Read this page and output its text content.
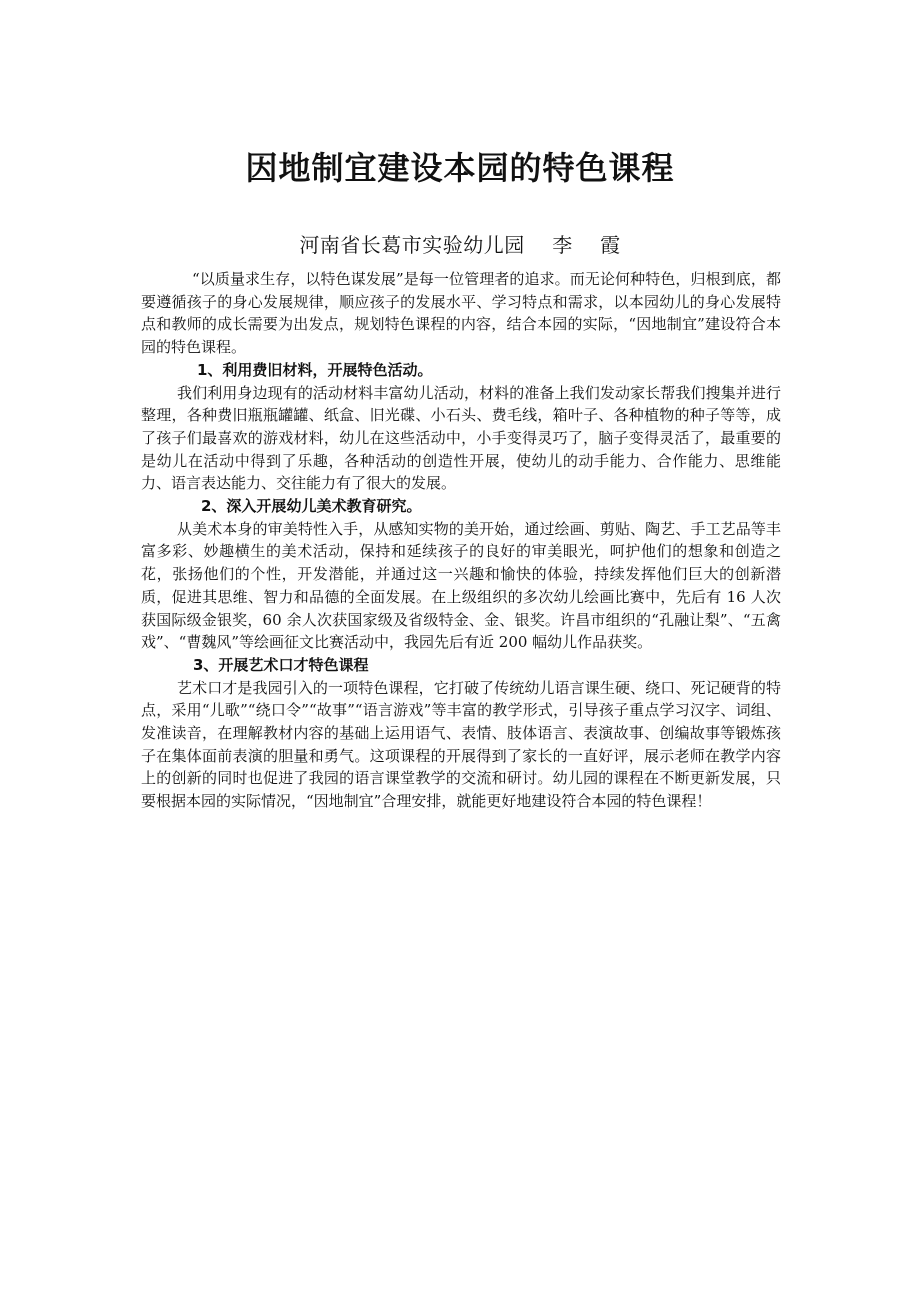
因地制宜建设本园的特色课程

河南省长葛市实验幼儿园    李    霞

“以质量求生存，以特色谋发展”是每一位管理者的追求。而无论何种特色，归根到底，都要遵循孩子的身心发展规律，顺应孩子的发展水平、学习特点和需求，以本园幼儿的身心发展特点和教师的成长需要为出发点，规划特色课程的内容，结合本园的实际，“因地制宜”建设符合本园的特色课程。

1、利用费旧材料，开展特色活动。

我们利用身边现有的活动材料丰富幼儿活动，材料的准备上我们发动家长帮我们搜集并进行整理，各种费旧瓶瓶罐罐、纸盒、旧光碟、小石头、费毛线，箱叶子、各种植物的种子等等，成了孩子们最喜欢的游戏材料，幼儿在这些活动中，小手变得灵巧了，脑子变得灵活了，最重要的是幼儿在活动中得到了乐趣，各种活动的创造性开展，使幼儿的动手能力、合作能力、思维能力、语言表达能力、交往能力有了很大的发展。

2、深入开展幼儿美术教育研究。

从美术本身的审美特性入手，从感知实物的美开始，通过绘画、剪贴、陶艺、手工艺品等丰富多彩、妙趣横生的美术活动，保持和延续孩子的良好的审美眼光，呵护他们的想象和创造之花，张扬他们的个性，开发潜能，并通过这一兴趣和愉快的体验，持续发挥他们巨大的创新潜质，促进其思维、智力和品德的全面发展。在上级组织的多次幼儿绘画比赛中，先后有 16 人次获国际级金银奖，60 余人次获国家级及省级特金、金、银奖。许昌市组织的“孔融让梨”、“五禽戏”、“曹魏风”等绘画征文比赛活动中，我园先后有近 200 幅幼儿作品获奖。

3、开展艺术口才特色课程

艺术口才是我园引入的一项特色课程，它打破了传统幼儿语言课生硬、绕口、死记硬背的特点，采用“儿歌”“绕口令”“故事”“语言游戏”等丰富的教学形式，引导孩子重点学习汉字、词组、发准读音，在理解教材内容的基础上运用语气、表情、肢体语言、表演故事、创编故事等锻炼孩子在集体面前表演的胆量和勇气。这项课程的开展得到了家长的一直好评，展示老师在教学内容上的创新的同时也促进了我园的语言课堂教学的交流和研讨。幼儿园的课程在不断更新发展，只要根据本园的实际情况，“因地制宜”合理安排，就能更好地建设符合本园的特色课程！
